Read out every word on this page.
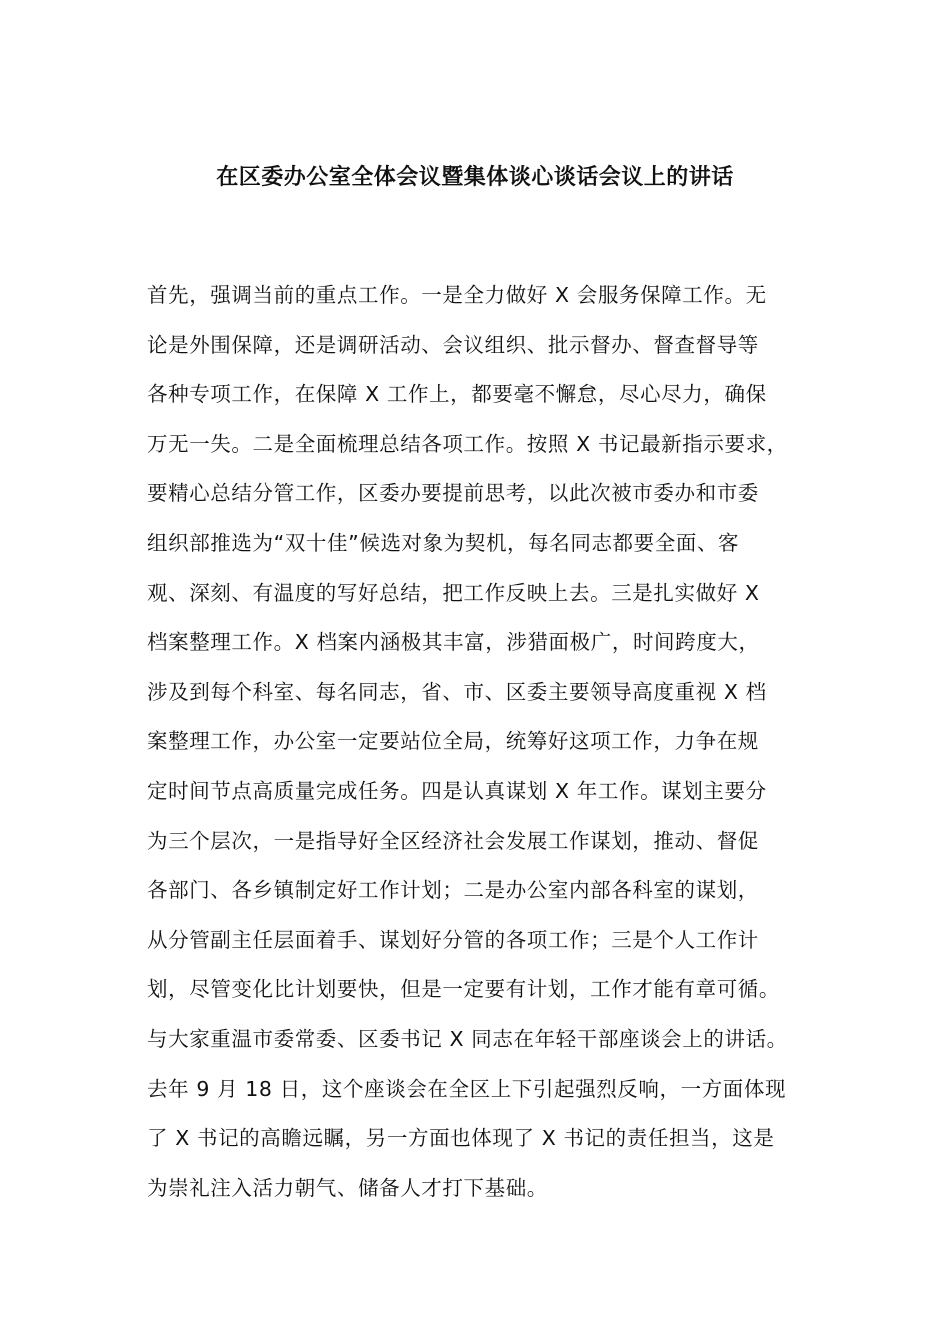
在区委办公室全体会议暨集体谈心谈话会议上的讲话
首先，强调当前的重点工作。一是全力做好 X 会服务保障工作。无
论是外围保障，还是调研活动、会议组织、批示督办、督查督导等
各种专项工作，在保障 X 工作上，都要毫不懈怠，尽心尽力，确保
万无一失。二是全面梳理总结各项工作。按照 X 书记最新指示要求，
要精心总结分管工作，区委办要提前思考，以此次被市委办和市委
组织部推选为“双十佳”候选对象为契机，每名同志都要全面、客
观、深刻、有温度的写好总结，把工作反映上去。三是扎实做好 X
档案整理工作。X 档案内涵极其丰富，涉猎面极广，时间跨度大，
涉及到每个科室、每名同志，省、市、区委主要领导高度重视 X 档
案整理工作，办公室一定要站位全局，统筹好这项工作，力争在规
定时间节点高质量完成任务。四是认真谋划 X 年工作。谋划主要分
为三个层次，一是指导好全区经济社会发展工作谋划，推动、督促
各部门、各乡镇制定好工作计划；二是办公室内部各科室的谋划，
从分管副主任层面着手、谋划好分管的各项工作；三是个人工作计
划，尽管变化比计划要快，但是一定要有计划，工作才能有章可循。
与大家重温市委常委、区委书记 X 同志在年轻干部座谈会上的讲话。
去年 9 月 18 日，这个座谈会在全区上下引起强烈反响，一方面体现
了 X 书记的高瞻远瞩，另一方面也体现了 X 书记的责任担当，这是
为崇礼注入活力朝气、储备人才打下基础。
